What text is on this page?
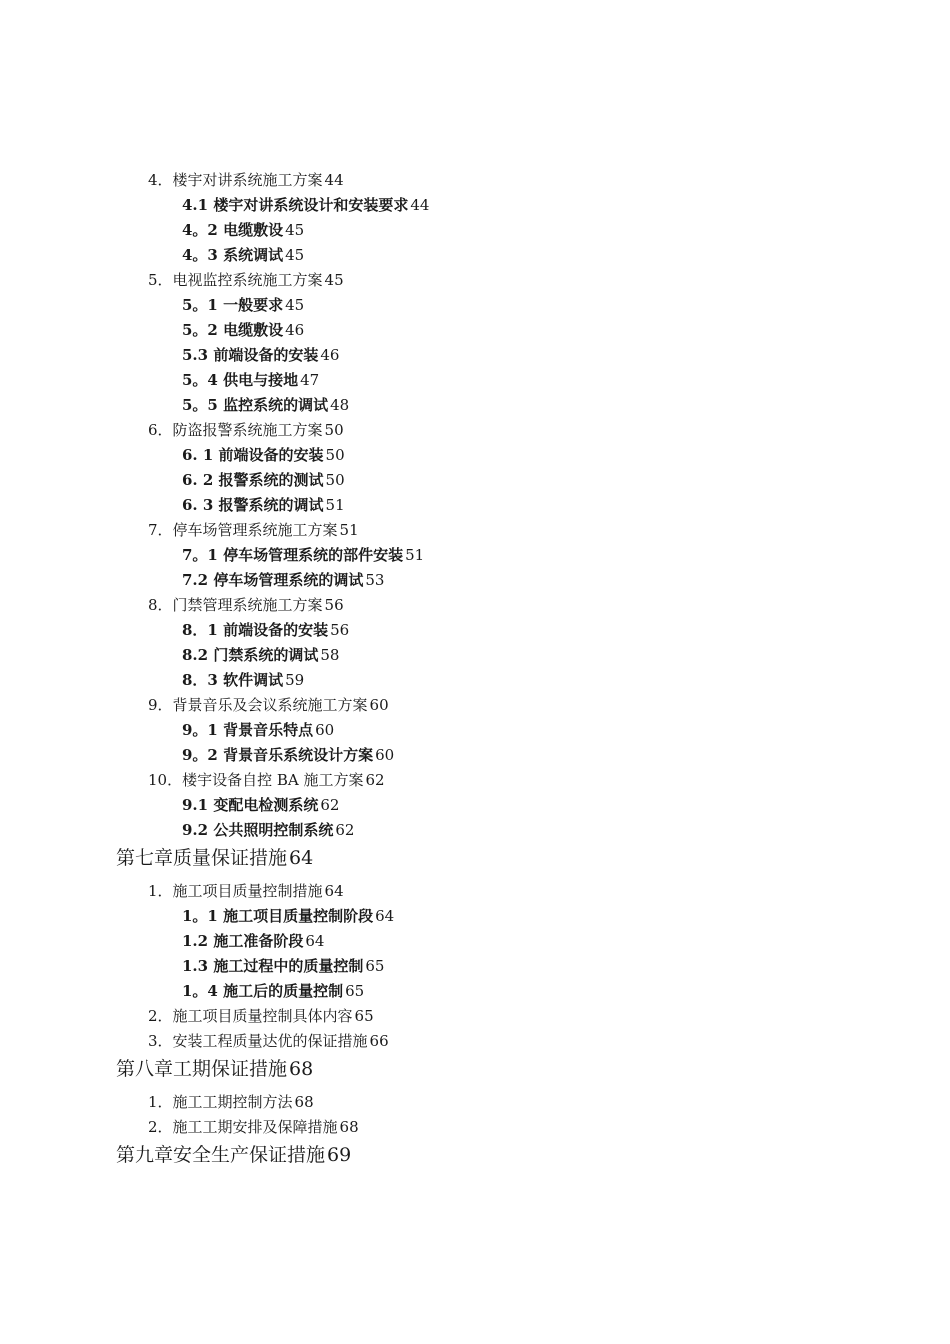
4．楼宇对讲系统施工方案 44
4.1 楼宇对讲系统设计和安装要求 44
4。2 电缆敷设 45
4。3 系统调试 45
5．电视监控系统施工方案 45
5。1 一般要求 45
5。2 电缆敷设 46
5.3 前端设备的安装 46
5。4 供电与接地 47
5。5 监控系统的调试 48
6．防盗报警系统施工方案 50
6. 1 前端设备的安装 50
6. 2 报警系统的测试 50
6. 3 报警系统的调试 51
7．停车场管理系统施工方案 51
7。1 停车场管理系统的部件安装 51
7.2 停车场管理系统的调试 53
8．门禁管理系统施工方案 56
8．1 前端设备的安装 56
8.2 门禁系统的调试 58
8．3 软件调试 59
9．背景音乐及会议系统施工方案 60
9。1 背景音乐特点 60
9。2 背景音乐系统设计方案 60
10．楼宇设备自控 BA 施工方案 62
9.1 变配电检测系统 62
9.2 公共照明控制系统 62
第七章质量保证措施 64
1．施工项目质量控制措施 64
1。1 施工项目质量控制阶段 64
1.2 施工准备阶段 64
1.3 施工过程中的质量控制 65
1。4 施工后的质量控制 65
2．施工项目质量控制具体内容 65
3．安装工程质量达优的保证措施 66
第八章工期保证措施 68
1．施工工期控制方法 68
2．施工工期安排及保障措施 68
第九章安全生产保证措施 69
